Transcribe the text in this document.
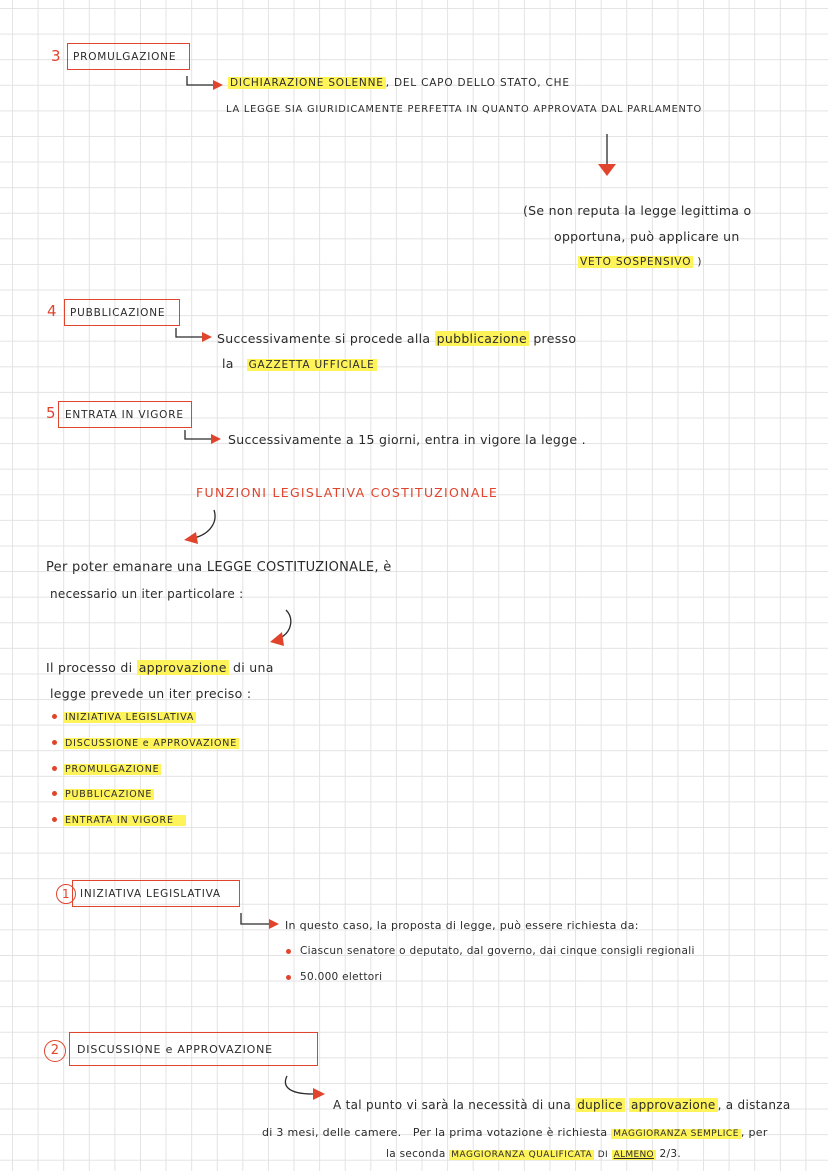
3 PROMULGAZIONE
DICHIARAZIONE SOLENNE , DEL CAPO DELLO STATO, CHE
LA LEGGE SIA GIURIDICAMENTE PERFETTA IN QUANTO APPROVATA DAL PARLAMENTO
(Se non reputa la legge legittima o
opportuna, può applicare un
VETO SOSPENSIVO )
4 PUBBLICAZIONE
Successivamente si procede alla pubblicazione presso
la GAZZETTA UFFICIALE
5 ENTRATA IN VIGORE
Successivamente a 15 giorni, entra in vigore la legge .
FUNZIONI LEGISLATIVA COSTITUZIONALE
Per poter emanare una LEGGE COSTITUZIONALE, è
necessario un iter particolare :
Il processo di approvazione di una
legge prevede un iter preciso :
INIZIATIVA LEGISLATIVA
DISCUSSIONE e APPROVAZIONE
PROMULGAZIONE
PUBBLICAZIONE
ENTRATA IN VIGORE
1 INIZIATIVA LEGISLATIVA
In questo caso, la proposta di legge, può essere richiesta da:
Ciascun senatore o deputato, dal governo, dai cinque consigli regionali
50.000 elettori
2	DISCUSSIONE e APPROVAZIONE
A tal punto vi sarà la necessità di una duplice approvazione , a distanza
di 3 mesi, delle camere. Per la prima votazione è richiesta MAGGIORANZA SEMPLICE , per
la seconda MAGGIORANZA QUALIFICATA DI ALMENO 2/3.
